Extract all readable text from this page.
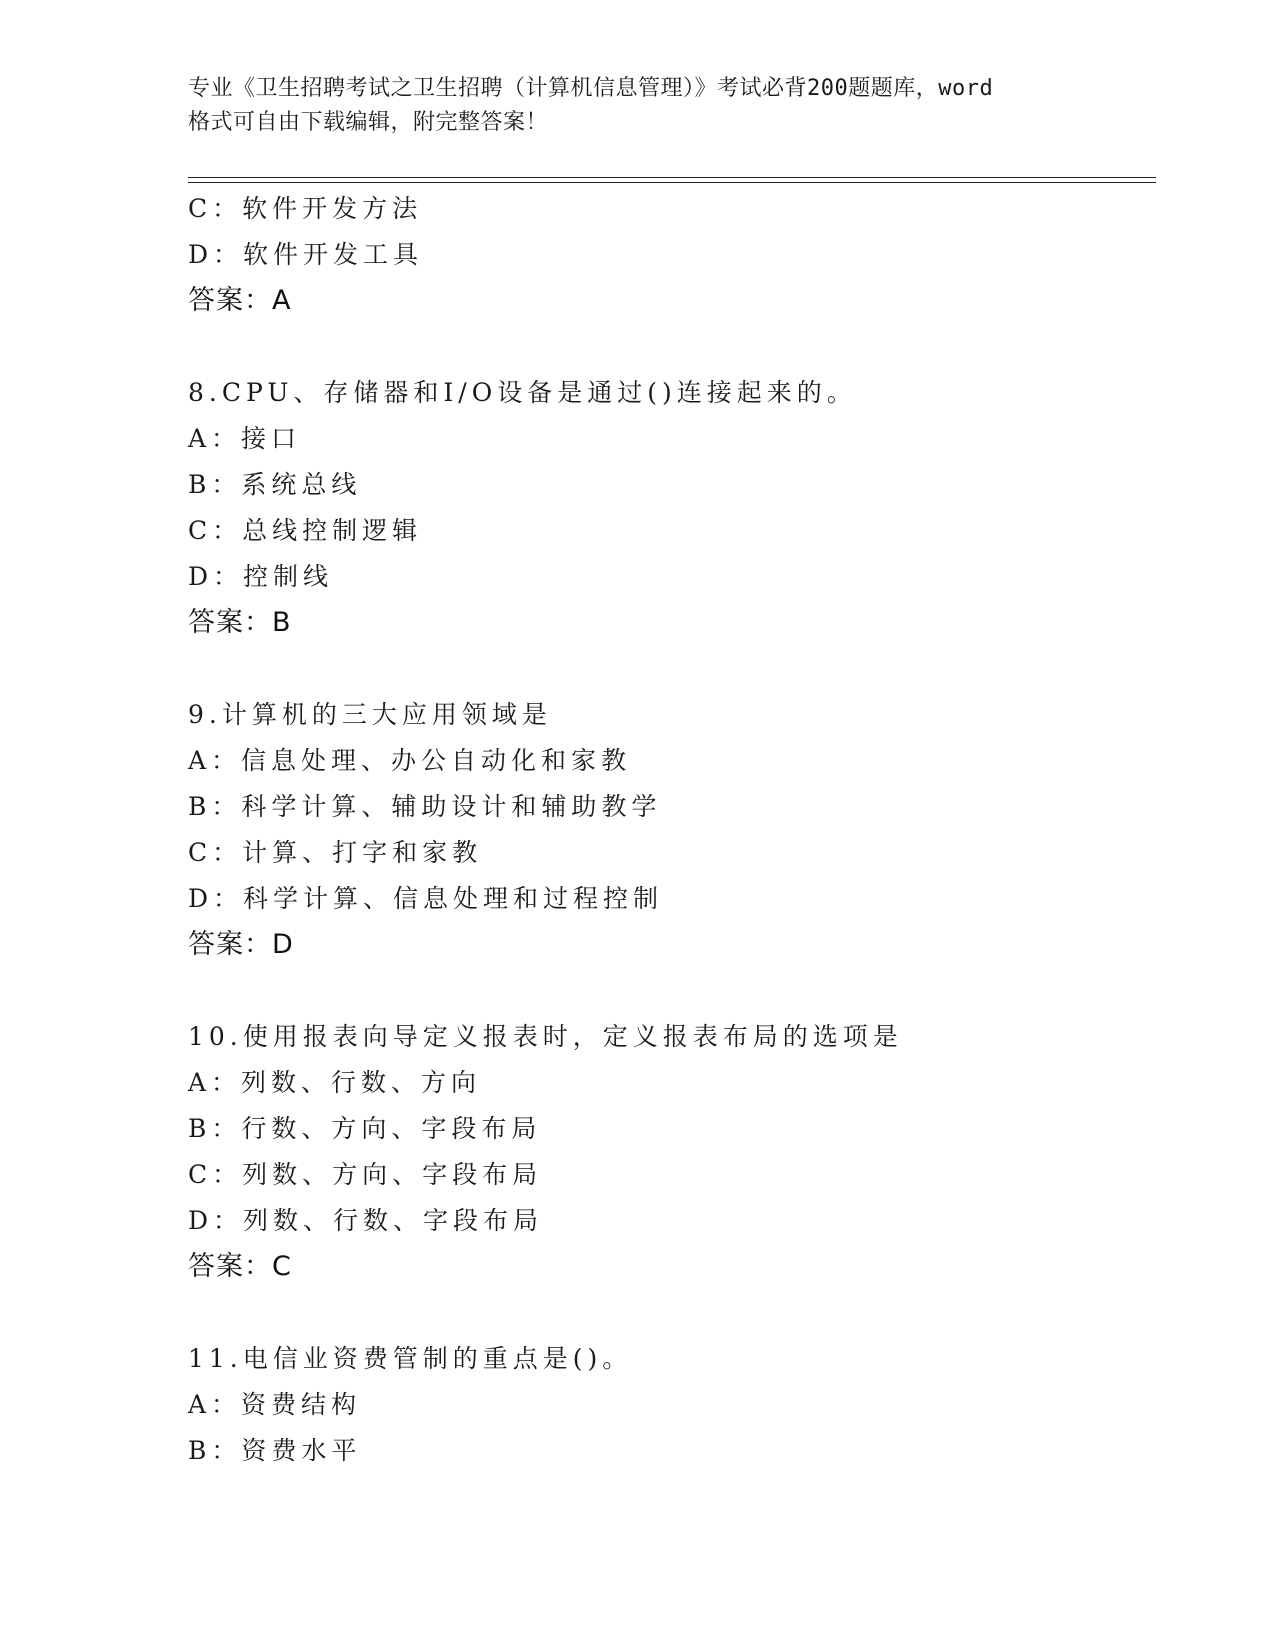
专业《卫生招聘考试之卫生招聘（计算机信息管理）》考试必背200题题库，word
格式可自由下载编辑，附完整答案！
C：软件开发方法
D：软件开发工具
答案：A
8.CPU、存储器和I/O设备是通过()连接起来的。
A：接口
B：系统总线
C：总线控制逻辑
D：控制线
答案：B
9.计算机的三大应用领域是
A：信息处理、办公自动化和家教
B：科学计算、辅助设计和辅助教学
C：计算、打字和家教
D：科学计算、信息处理和过程控制
答案：D
10.使用报表向导定义报表时，定义报表布局的选项是
A：列数、行数、方向
B：行数、方向、字段布局
C：列数、方向、字段布局
D：列数、行数、字段布局
答案：C
11.电信业资费管制的重点是()。
A：资费结构
B：资费水平
